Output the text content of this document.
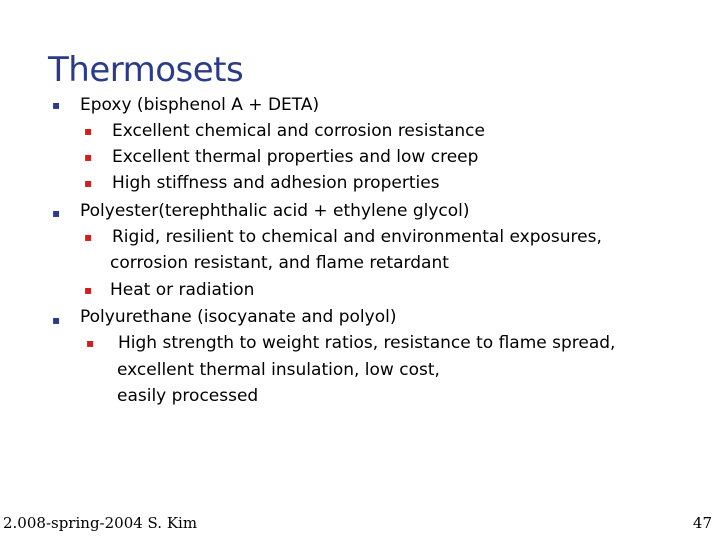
Thermosets
▪ Epoxy (bisphenol A + DETA)
▪ Excellent chemical and corrosion resistance
▪ Excellent thermal properties and low creep
▪ High stiffness and adhesion properties
▪ Polyester(terephthalic acid + ethylene glycol)
▪ Rigid, resilient to chemical and environmental exposures,
corrosion resistant, and flame retardant
▪ Heat or radiation
▪ Polyurethane (isocyanate and polyol)
▪ High strength to weight ratios, resistance to flame spread,
excellent thermal insulation, low cost,
easily processed
2.008-spring-2004 S. Kim	47
